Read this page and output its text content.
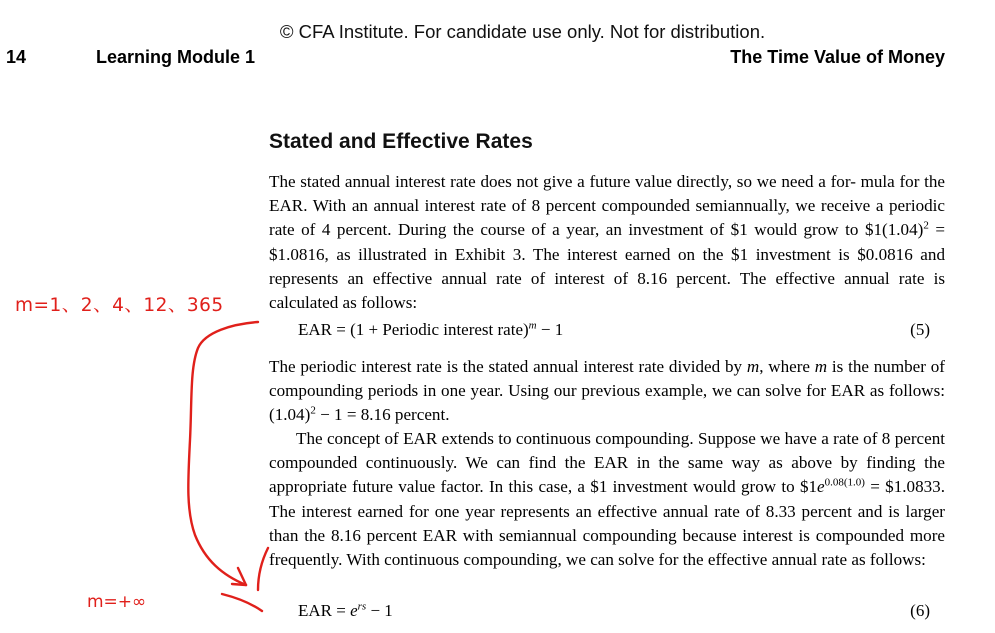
© CFA Institute. For candidate use only. Not for distribution.
14	Learning Module 1	The Time Value of Money
Stated and Effective Rates

The stated annual interest rate does not give a future value directly, so we need a for- mula for the EAR. With an annual interest rate of 8 percent compounded semiannually, we receive a periodic rate of 4 percent. During the course of a year, an investment of $1 would grow to $\$1(1.04)^2$ = $1.0816, as illustrated in Exhibit 3. The interest earned on the $1 investment is $0.0816 and represents an effective annual rate of interest of 8.16 percent. The effective annual rate is calculated as follows:

EAR = (1 + Periodic interest rate)$^m$ − 1	(5)

The periodic interest rate is the stated annual interest rate divided by m, where m is the number of compounding periods in one year. Using our previous example, we can solve for EAR as follows: $(1.04)^2 - 1 = 8.16$ percent.

The concept of EAR extends to continuous compounding. Suppose we have a rate of 8 percent compounded continuously. We can find the EAR in the same way as above by finding the appropriate future value factor. In this case, a $1 investment would grow to $\$1e^{0.08(1.0)}$ = $1.0833. The interest earned for one year represents an effective annual rate of 8.33 percent and is larger than the 8.16 percent EAR with semiannual compounding because interest is compounded more frequently. With continuous compounding, we can solve for the effective annual rate as follows:

EAR = $e^{rs} - 1$	(6)
m=1、2、4、12、365
m=+∞
